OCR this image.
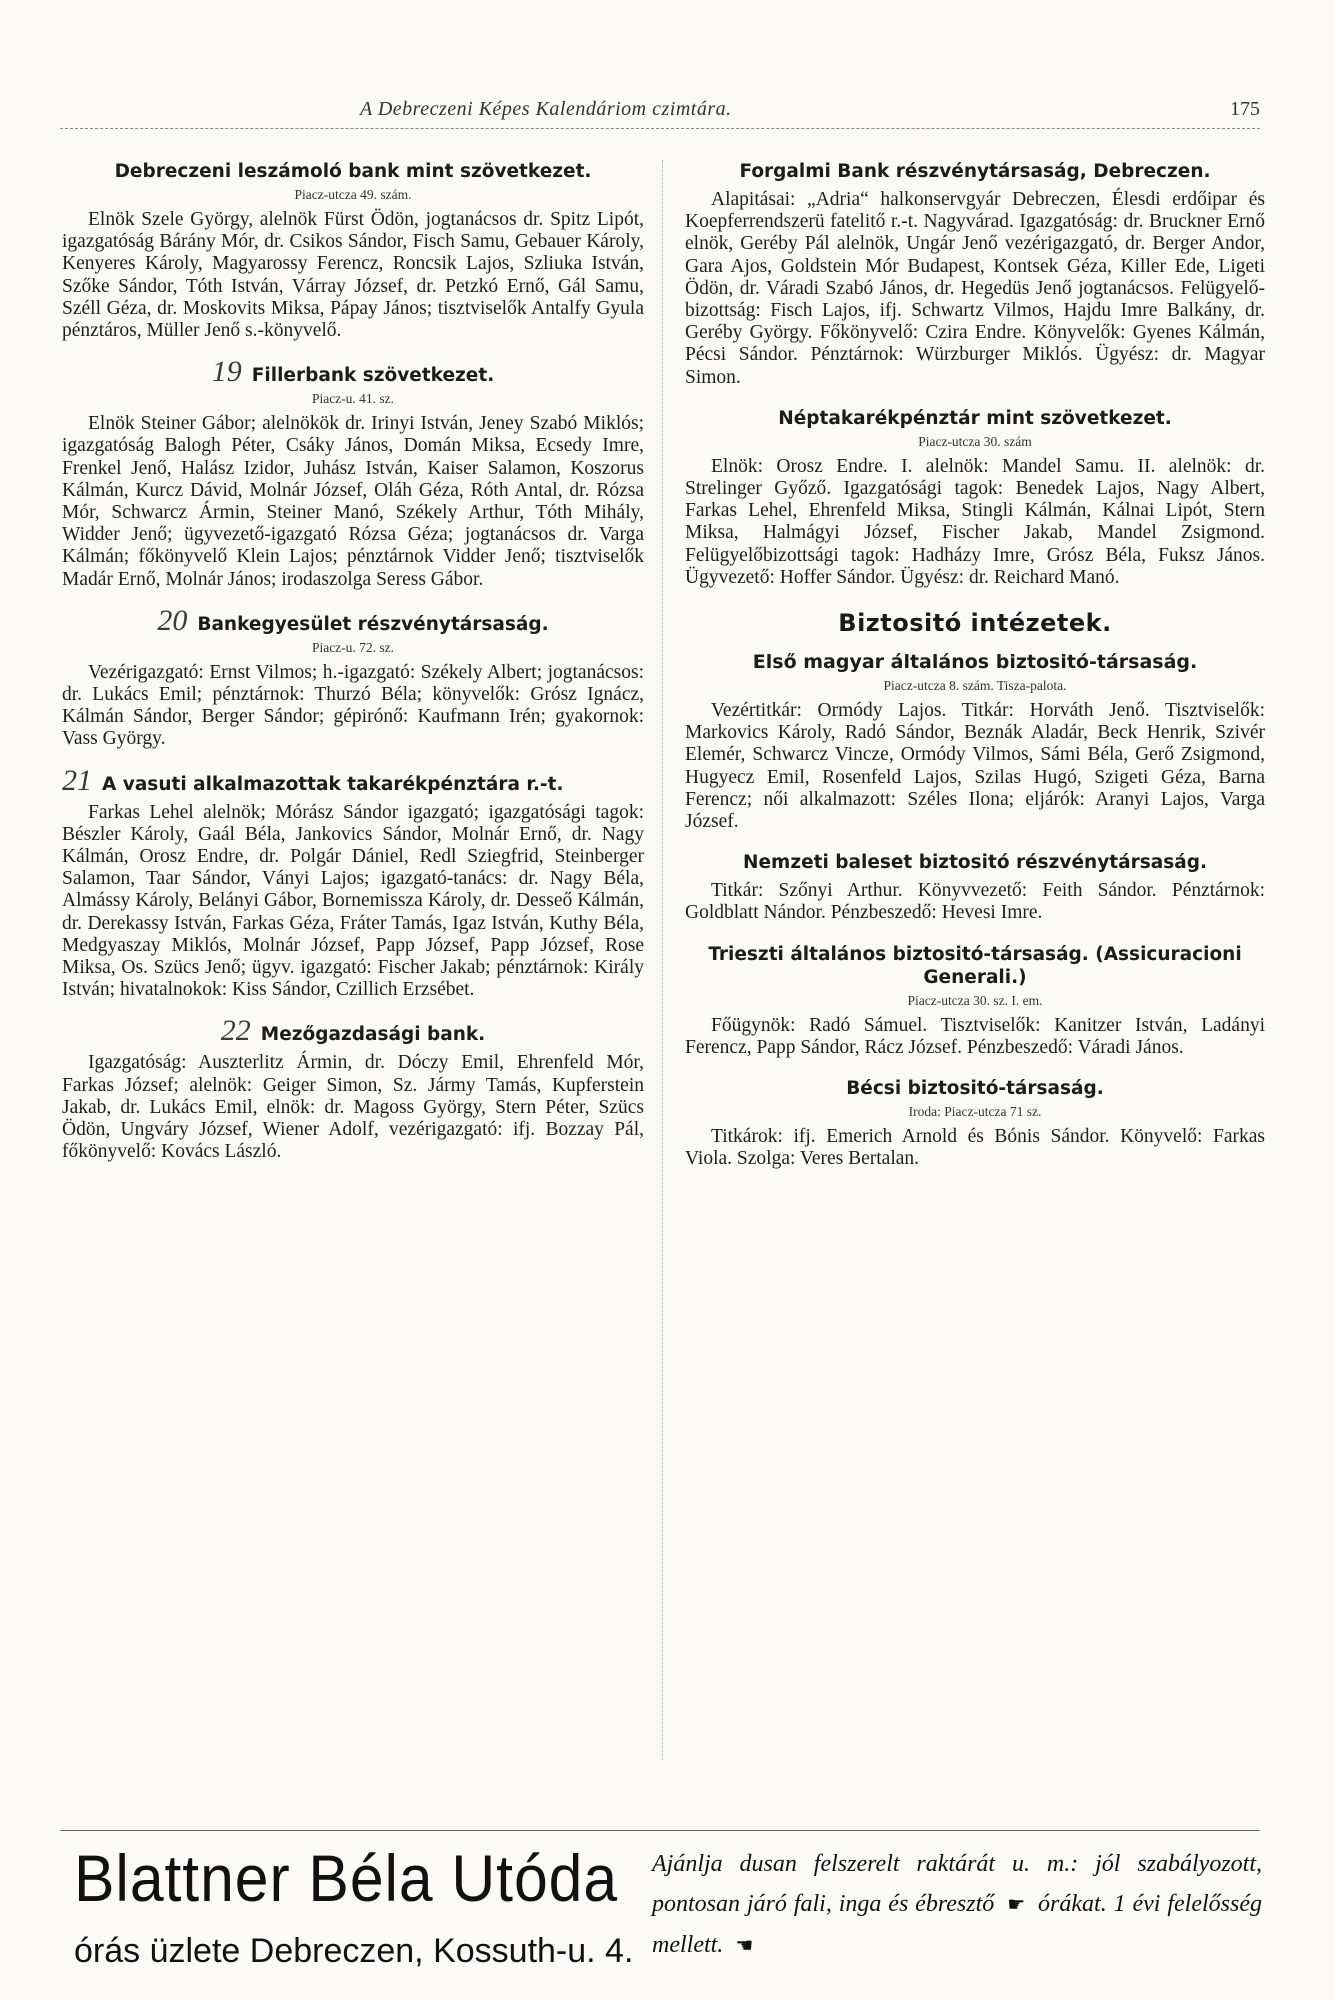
A Debreczeni Képes Kalendáriom czimtára.	175
Debreczeni leszámoló bank mint szövetkezet.
Piacz-utcza 49. szám.
Elnök Szele György, alelnök Fürst Ödön, jogtanácsos dr. Spitz Lipót, igazgatóság Bárány Mór, dr. Csikos Sándor, Fisch Samu, Gebauer Károly, Kenyeres Károly, Magyarossy Ferencz, Roncsik Lajos, Szliuka István, Szőke Sándor, Tóth István, Várray József, dr. Petzkó Ernő, Gál Samu, Széll Géza, dr. Moskovits Miksa, Pápay János; tisztviselők Antalfy Gyula pénztáros, Müller Jenő s.-könyvelő.
19 Fillerbank szövetkezet.
Piacz-u. 41. sz.
Elnök Steiner Gábor; alelnökök dr. Irinyi István, Jeney Szabó Miklós; igazgatóság Balogh Péter, Csáky János, Domán Miksa, Ecsedy Imre, Frenkel Jenő, Halász Izidor, Juhász István, Kaiser Salamon, Koszorus Kálmán, Kurcz Dávid, Molnár József, Oláh Géza, Róth Antal, dr. Rózsa Mór, Schwarcz Ármin, Steiner Manó, Székely Arthur, Tóth Mihály, Widder Jenő; ügyvezető-igazgató Rózsa Géza; jogtanácsos dr. Varga Kálmán; főkönyvelő Klein Lajos; pénztárnok Vidder Jenő; tisztviselők Madár Ernő, Molnár János; irodaszolga Seress Gábor.
20 Bankegyesület részvénytársaság.
Piacz-u. 72. sz.
Vezérigazgató: Ernst Vilmos; h.-igazgató: Székely Albert; jogtanácsos: dr. Lukács Emil; pénztárnok: Thurzó Béla; könyvelők: Grósz Ignácz, Kálmán Sándor, Berger Sándor; gépirónő: Kaufmann Irén; gyakornok: Vass György.
21 A vasuti alkalmazottak takarékpénztára r.-t.
Farkas Lehel alelnök; Mórász Sándor igazgató; igazgatósági tagok: Bészler Károly, Gaál Béla, Jankovics Sándor, Molnár Ernő, dr. Nagy Kálmán, Orosz Endre, dr. Polgár Dániel, Redl Sziegfrid, Steinberger Salamon, Taar Sándor, Ványi Lajos; igazgató-tanács: dr. Nagy Béla, Almássy Károly, Belányi Gábor, Bornemissza Károly, dr. Desseő Kálmán, dr. Derekassy István, Farkas Géza, Fráter Tamás, Igaz István, Kuthy Béla, Medgyaszay Miklós, Molnár József, Papp József, Papp József, Rose Miksa, Os. Szücs Jenő; ügyv. igazgató: Fischer Jakab; pénztárnok: Király István; hivatalnokok: Kiss Sándor, Czillich Erzsébet.
22 Mezőgazdasági bank.
Igazgatóság: Auszterlitz Ármin, dr. Dóczy Emil, Ehrenfeld Mór, Farkas József; alelnök: Geiger Simon, Sz. Jármy Tamás, Kupferstein Jakab, dr. Lukács Emil, elnök: dr. Magoss György, Stern Péter, Szücs Ödön, Ungváry József, Wiener Adolf, vezérigazgató: ifj. Bozzay Pál, főkönyvelő: Kovács László.
Forgalmi Bank részvénytársaság, Debreczen.
Alapitásai: „Adria“ halkonservgyár Debreczen, Élesdi erdőipar és Koepferrendszerü fatelitő r.-t. Nagyvárad. Igazgatóság: dr. Bruckner Ernő elnök, Geréby Pál alelnök, Ungár Jenő vezérigazgató, dr. Berger Andor, Gara Ajos, Goldstein Mór Budapest, Kontsek Géza, Killer Ede, Ligeti Ödön, dr. Váradi Szabó János, dr. Hegedüs Jenő jogtanácsos. Felügyelő-bizottság: Fisch Lajos, ifj. Schwartz Vilmos, Hajdu Imre Balkány, dr. Geréby György. Főkönyvelő: Czira Endre. Könyvelők: Gyenes Kálmán, Pécsi Sándor. Pénztárnok: Würzburger Miklós. Ügyész: dr. Magyar Simon.
Néptakarékpénztár mint szövetkezet.
Piacz-utcza 30. szám
Elnök: Orosz Endre. I. alelnök: Mandel Samu. II. alelnök: dr. Strelinger Győző. Igazgatósági tagok: Benedek Lajos, Nagy Albert, Farkas Lehel, Ehrenfeld Miksa, Stingli Kálmán, Kálnai Lipót, Stern Miksa, Halmágyi József, Fischer Jakab, Mandel Zsigmond. Felügyelőbizottsági tagok: Hadházy Imre, Grósz Béla, Fuksz János. Ügyvezető: Hoffer Sándor. Ügyész: dr. Reichard Manó.
Biztositó intézetek.
Első magyar általános biztositó-társaság.
Piacz-utcza 8. szám. Tisza-palota.
Vezértitkár: Ormódy Lajos. Titkár: Horváth Jenő. Tisztviselők: Markovics Károly, Radó Sándor, Beznák Aladár, Beck Henrik, Szivér Elemér, Schwarcz Vincze, Ormódy Vilmos, Sámi Béla, Gerő Zsigmond, Hugyecz Emil, Rosenfeld Lajos, Szilas Hugó, Szigeti Géza, Barna Ferencz; női alkalmazott: Széles Ilona; eljárók: Aranyi Lajos, Varga József.
Nemzeti baleset biztositó részvénytársaság.
Titkár: Szőnyi Arthur. Könyvvezető: Feith Sándor. Pénztárnok: Goldblatt Nándor. Pénzbeszedő: Hevesi Imre.
Trieszti általános biztositó-társaság. (Assicuracioni Generali.)
Piacz-utcza 30. sz. I. em.
Főügynök: Radó Sámuel. Tisztviselők: Kanitzer István, Ladányi Ferencz, Papp Sándor, Rácz József. Pénzbeszedő: Váradi János.
Bécsi biztositó-társaság.
Iroda: Piacz-utcza 71 sz.
Titkárok: ifj. Emerich Arnold és Bónis Sándor. Könyvelő: Farkas Viola. Szolga: Veres Bertalan.
Blattner Béla Utóda
órás üzlete Debreczen, Kossuth-u. 4.
Ajánlja dusan felszerelt raktárát u. m.: jól szabályozott, pontosan járó fali, inga és ébresztő ☛ órákat. 1 évi felelősség mellett. ☚
